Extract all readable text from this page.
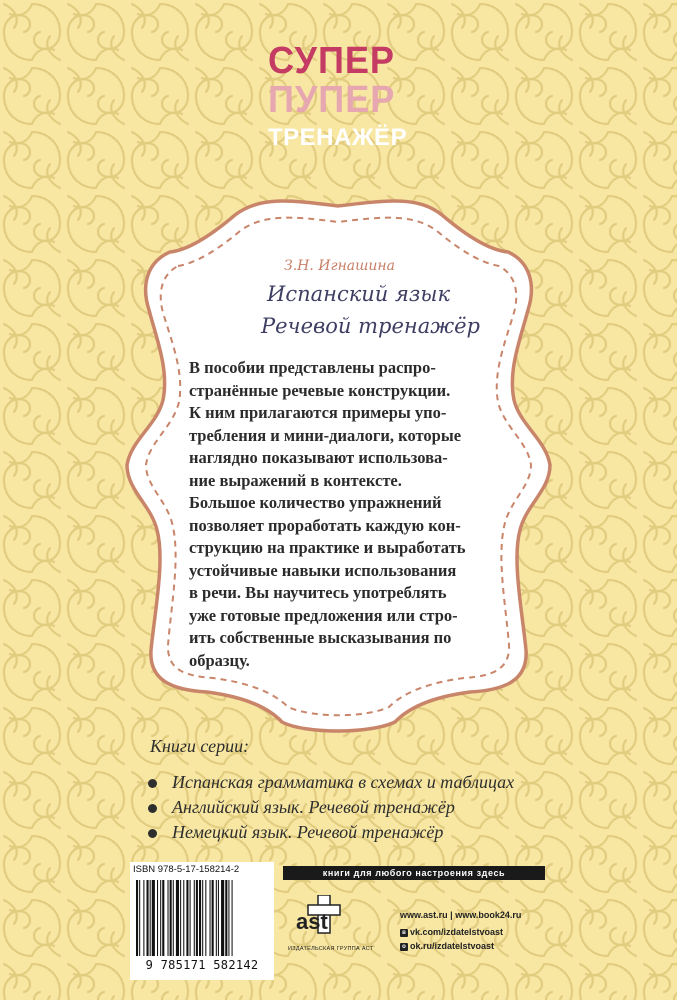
СУПЕР
ПУПЕР
ТРЕНАЖЁР
З.Н. Игнашина
Испанский язык
Речевой тренажёр

В пособии представлены распро-

странённые речевые конструкции.

К ним прилагаются примеры упо-

требления и мини-диалоги, которые

наглядно показывают использова-

ние выражений в контексте.

Большое количество упражнений

позволяет проработать каждую кон-

струкцию на практике и выработать

устойчивые навыки использования

в речи. Вы научитесь употреблять

уже готовые предложения или стро-

ить собственные высказывания по

образцу.

Книги серии:
Испанская грамматика в схемах и таблицах
Английский язык. Речевой тренажёр
Немецкий язык. Речевой тренажёр
ISBN 978-5-17-158214-2
9 785171 582142
книги для любого настроения здесь
ast
ИЗДАТЕЛЬСКАЯ ГРУППА АСТ
www.ast.ru | www.book24.ru
в vk.com/izdatelstvoast
о ok.ru/izdatelstvoast
